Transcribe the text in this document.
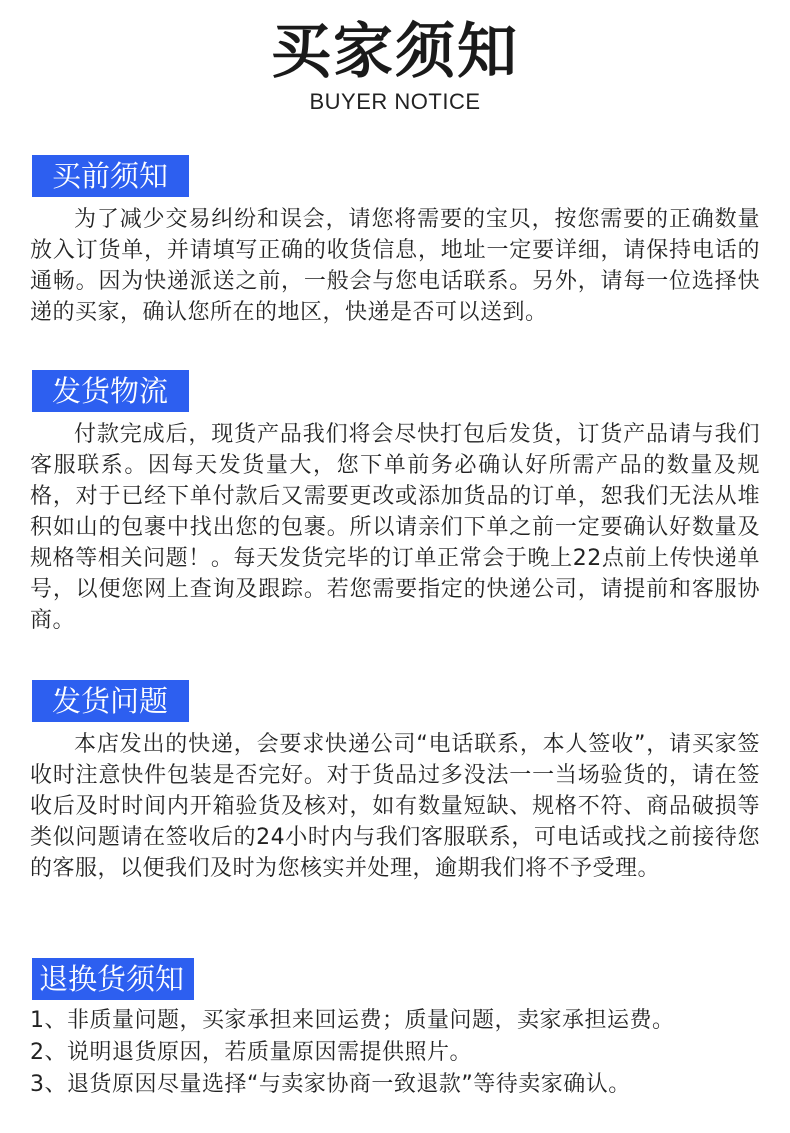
买家须知
BUYER NOTICE
买前须知

为了减少交易纠纷和误会，请您将需要的宝贝，按您需要的正确数量放入订货单，并请填写正确的收货信息，地址一定要详细，请保持电话的通畅。因为快递派送之前，一般会与您电话联系。另外，请每一位选择快递的买家，确认您所在的地区，快递是否可以送到。

发货物流

付款完成后，现货产品我们将会尽快打包后发货，订货产品请与我们客服联系。因每天发货量大，您下单前务必确认好所需产品的数量及规格，对于已经下单付款后又需要更改或添加货品的订单，恕我们无法从堆积如山的包裹中找出您的包裹。所以请亲们下单之前一定要确认好数量及规格等相关问题！。每天发货完毕的订单正常会于晚上22点前上传快递单号，以便您网上查询及跟踪。若您需要指定的快递公司，请提前和客服协商。

发货问题

本店发出的快递，会要求快递公司“电话联系，本人签收”，请买家签收时注意快件包装是否完好。对于货品过多没法一一当场验货的，请在签收后及时时间内开箱验货及核对，如有数量短缺、规格不符、商品破损等类似问题请在签收后的24小时内与我们客服联系，可电话或找之前接待您的客服，以便我们及时为您核实并处理，逾期我们将不予受理。

退换货须知
1、非质量问题，买家承担来回运费；质量问题，卖家承担运费。
2、说明退货原因，若质量原因需提供照片。
3、退货原因尽量选择“与卖家协商一致退款”等待卖家确认。
